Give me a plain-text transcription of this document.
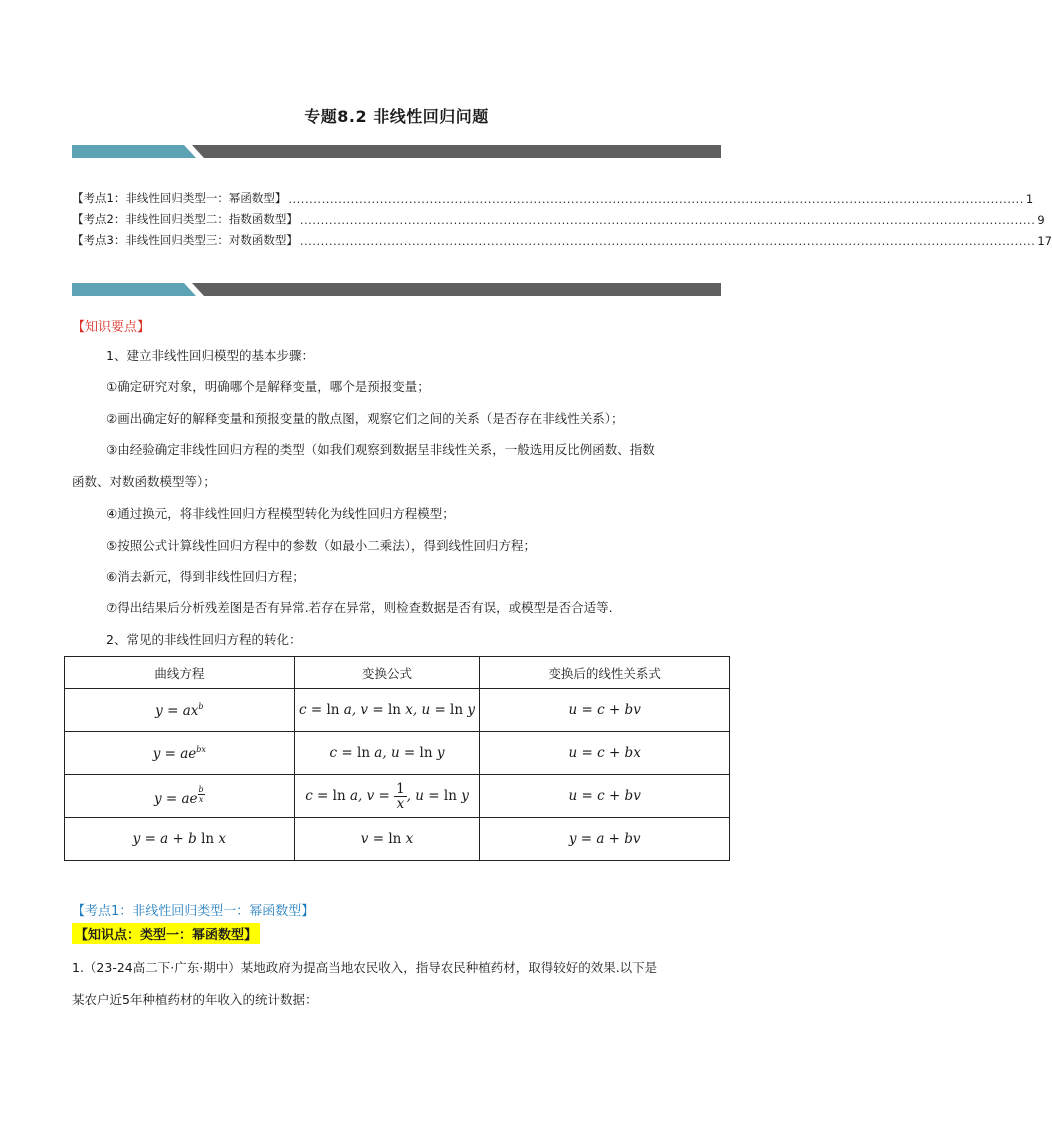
专题8.2 非线性回归问题
【考点1：非线性回归类型一：幂函数型】 ................................................................................................................................................................................. 1
【考点2：非线性回归类型二：指数函数型】 ................................................................................................................................................................................. 9
【考点3：非线性回归类型三：对数函数型】 ................................................................................................................................................................................. 17
【知识要点】
1、建立非线性回归模型的基本步骤：
①确定研究对象，明确哪个是解释变量，哪个是预报变量；
②画出确定好的解释变量和预报变量的散点图，观察它们之间的关系（是否存在非线性关系）；
③由经验确定非线性回归方程的类型（如我们观察到数据呈非线性关系，一般选用反比例函数、指数
函数、对数函数模型等）；
④通过换元，将非线性回归方程模型转化为线性回归方程模型；
⑤按照公式计算线性回归方程中的参数（如最小二乘法），得到线性回归方程；
⑥消去新元，得到非线性回归方程；
⑦得出结果后分析残差图是否有异常.若存在异常，则检查数据是否有误，或模型是否合适等.
2、常见的非线性回归方程的转化：
曲线方程	变换公式	变换后的线性关系式
$y = ax^b$	c = ln a, v = ln x, u = ln y	u = c + bv
$y = ae^{bx}$	c = ln a, u = ln y	u = c + bx
y = ae $^{\frac{b}{x}}$	c = ln a, $v = \frac{1}{x}$ , u = ln y	u = c + bv
y = a + b ln x	v = ln x	y = a + bv
【考点1：非线性回归类型一：幂函数型】
【知识点：类型一：幂函数型】
1.（23-24高二下·广东·期中）某地政府为提高当地农民收入，指导农民种植药材，取得较好的效果.以下是
某农户近5年种植药材的年收入的统计数据：
